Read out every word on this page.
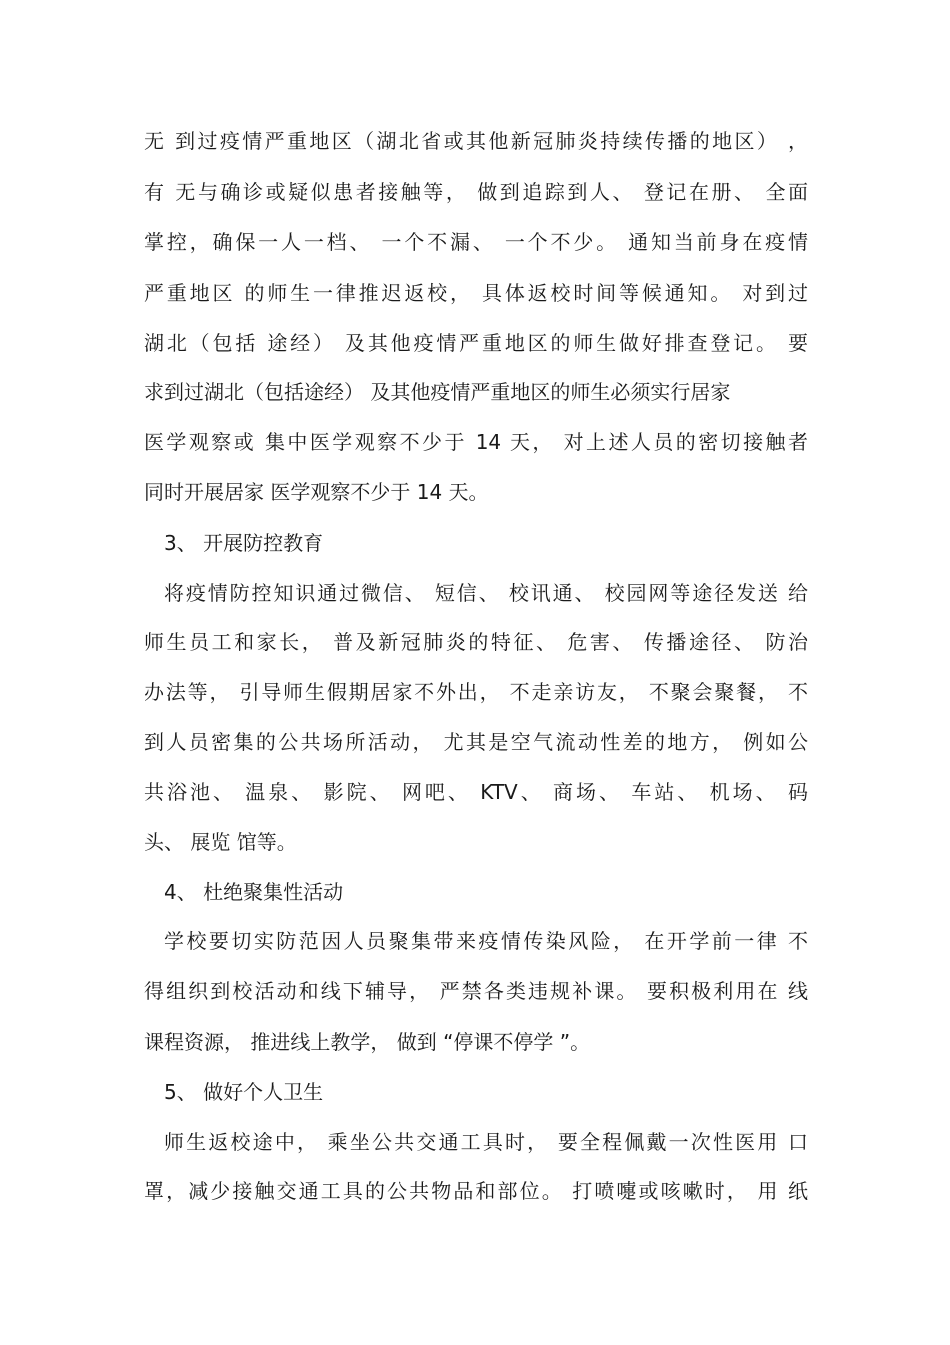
无 到过疫情严重地区（湖北省或其他新冠肺炎持续传播的地区） ，
有 无与确诊或疑似患者接触等， 做到追踪到人、 登记在册、 全面
掌控，确保一人一档、 一个不漏、 一个不少。 通知当前身在疫情
严重地区 的师生一律推迟返校， 具体返校时间等候通知。 对到过
湖北（包括 途经） 及其他疫情严重地区的师生做好排查登记。 要
求到过湖北（包括途经） 及其他疫情严重地区的师生必须实行居家
医学观察或 集中医学观察不少于 14 天， 对上述人员的密切接触者
同时开展居家 医学观察不少于 14 天。
3、 开展防控教育
将疫情防控知识通过微信、 短信、 校讯通、 校园网等途径发送 给
师生员工和家长， 普及新冠肺炎的特征、 危害、 传播途径、 防治
办法等， 引导师生假期居家不外出， 不走亲访友， 不聚会聚餐， 不
到人员密集的公共场所活动， 尤其是空气流动性差的地方， 例如公
共浴池、 温泉、 影院、 网吧、 KTV、 商场、 车站、 机场、 码
头、 展览 馆等。
4、 杜绝聚集性活动
学校要切实防范因人员聚集带来疫情传染风险， 在开学前一律 不
得组织到校活动和线下辅导， 严禁各类违规补课。 要积极利用在 线
课程资源， 推进线上教学， 做到 “停课不停学 ”。
5、 做好个人卫生
师生返校途中， 乘坐公共交通工具时， 要全程佩戴一次性医用 口
罩，减少接触交通工具的公共物品和部位。 打喷嚏或咳嗽时， 用 纸
